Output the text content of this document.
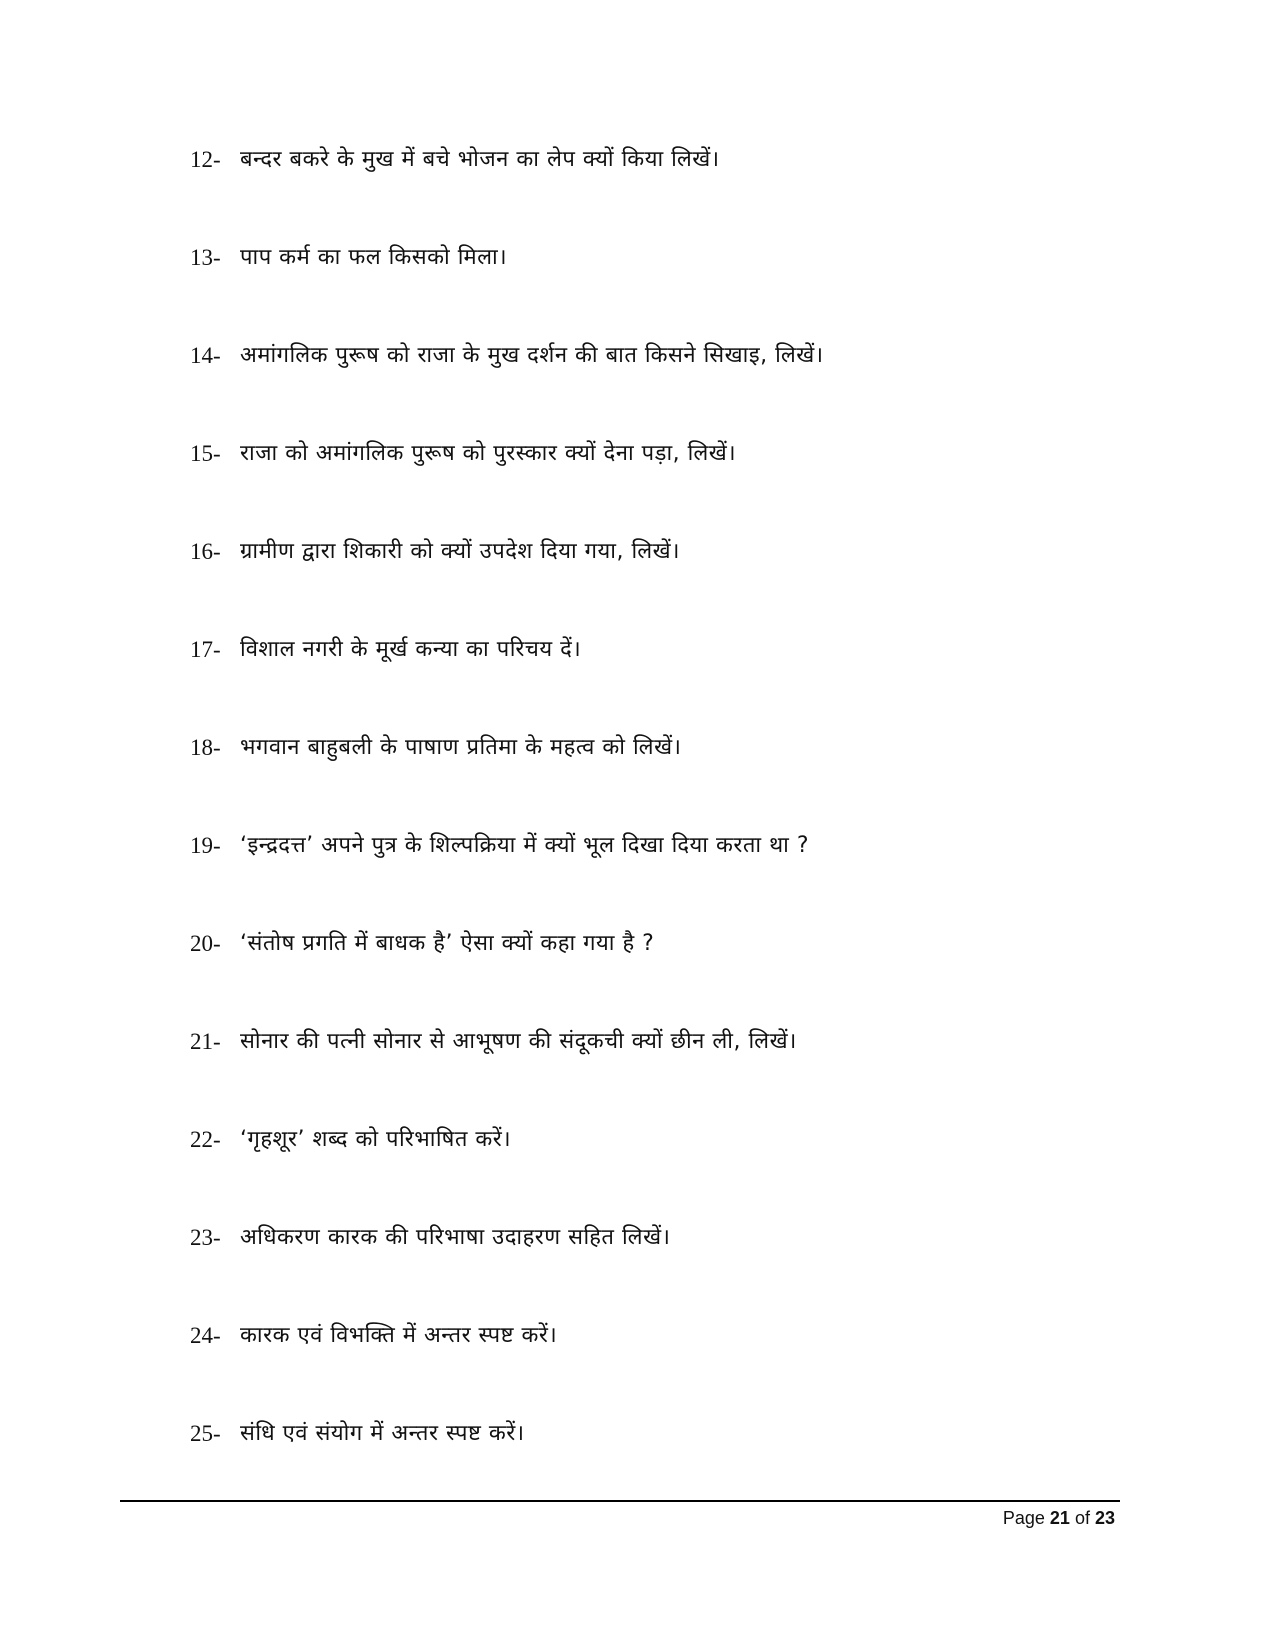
12- बन्दर बकरे के मुख में बचे भोजन का लेप क्यों किया लिखें।
13- पाप कर्म का फल किसको मिला।
14- अमांगलिक पुरूष को राजा के मुख दर्शन की बात किसने सिखाइ, लिखें।
15- राजा को अमांगलिक पुरूष को पुरस्कार क्यों देना पड़ा, लिखें।
16- ग्रामीण द्वारा शिकारी को क्यों उपदेश दिया गया, लिखें।
17- विशाल नगरी के मूर्ख कन्या का परिचय दें।
18- भगवान बाहुबली के पाषाण प्रतिमा के महत्व को लिखें।
19- ‘इन्द्रदत्त’ अपने पुत्र के शिल्पक्रिया में क्यों भूल दिखा दिया करता था ?
20- ‘संतोष प्रगति में बाधक है’ ऐसा क्यों कहा गया है ?
21- सोनार की पत्नी सोनार से आभूषण की संदूकची क्यों छीन ली, लिखें।
22- ‘गृहशूर’ शब्द को परिभाषित करें।
23- अधिकरण कारक की परिभाषा उदाहरण सहित लिखें।
24- कारक एवं विभक्ति में अन्तर स्पष्ट करें।
25- संधि एवं संयोग में अन्तर स्पष्ट करें।
Page 21 of 23
